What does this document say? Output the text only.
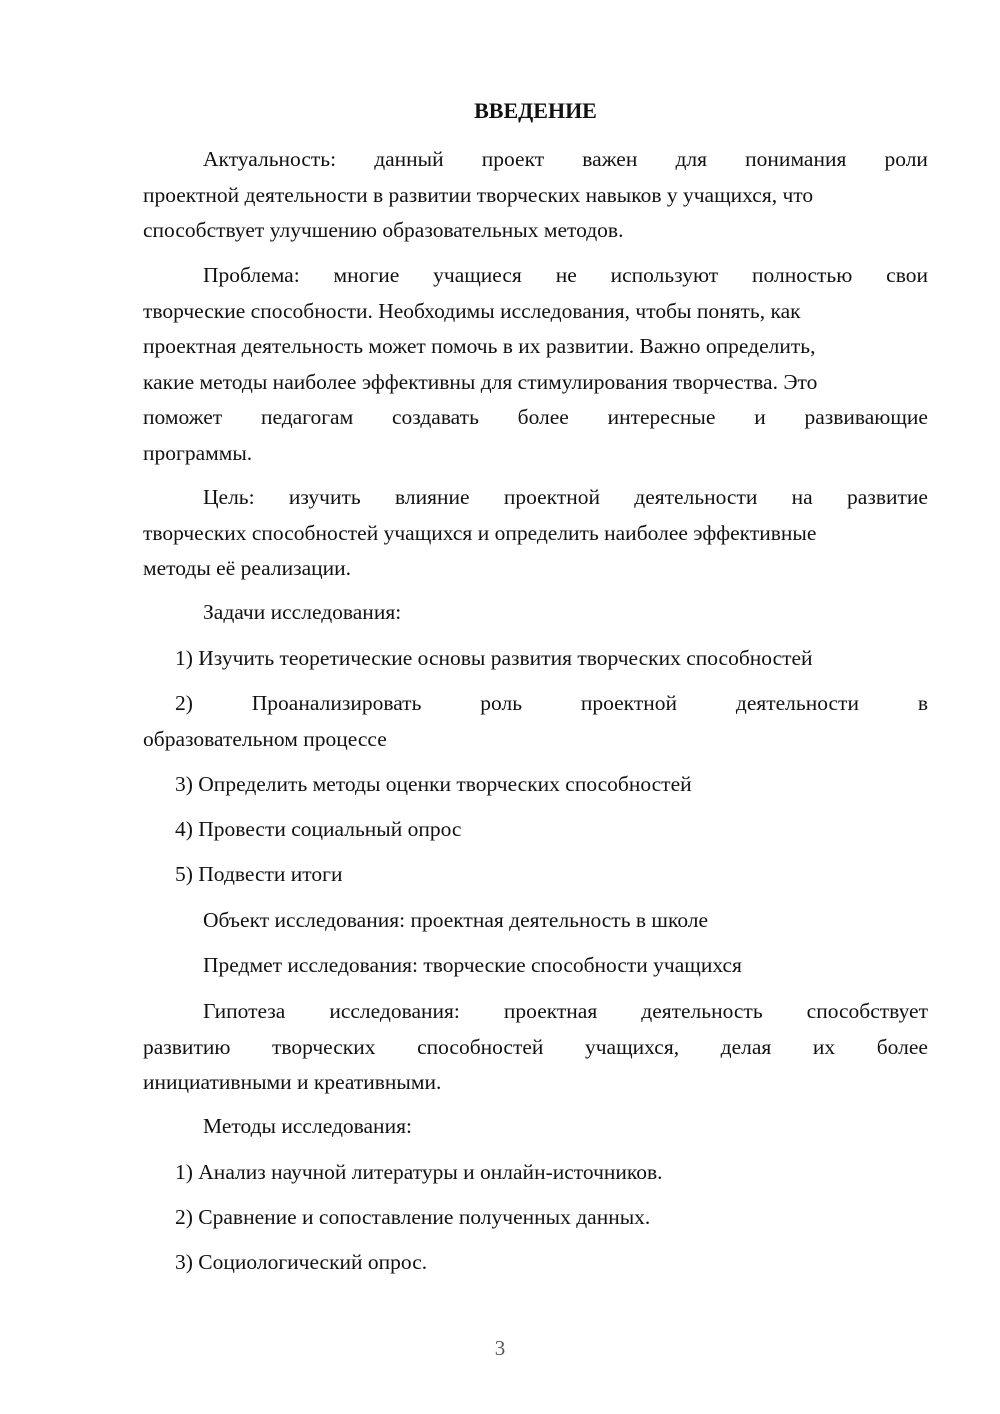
ВВЕДЕНИЕ
Актуальность: данный проект важен для понимания роли
проектной деятельности в развитии творческих навыков у учащихся, что
способствует улучшению образовательных методов.
Проблема: многие учащиеся не используют полностью свои
творческие способности. Необходимы исследования, чтобы понять, как
проектная деятельность может помочь в их развитии. Важно определить,
какие методы наиболее эффективны для стимулирования творчества. Это
поможет педагогам создавать более интересные и развивающие
программы.
Цель: изучить влияние проектной деятельности на развитие
творческих способностей учащихся и определить наиболее эффективные
методы её реализации.
Задачи исследования:
1) Изучить теоретические основы развития творческих способностей
2)	Проанализировать	роль	проектной	деятельности	в
образовательном процессе
3) Определить методы оценки творческих способностей
4) Провести социальный опрос
5) Подвести итоги
Объект исследования: проектная деятельность в школе
Предмет исследования: творческие способности учащихся
Гипотеза исследования: проектная деятельность способствует
развитию творческих способностей учащихся, делая их более
инициативными и креативными.
Методы исследования:
1) Анализ научной литературы и онлайн-источников.
2) Сравнение и сопоставление полученных данных.
3) Социологический опрос.
3
